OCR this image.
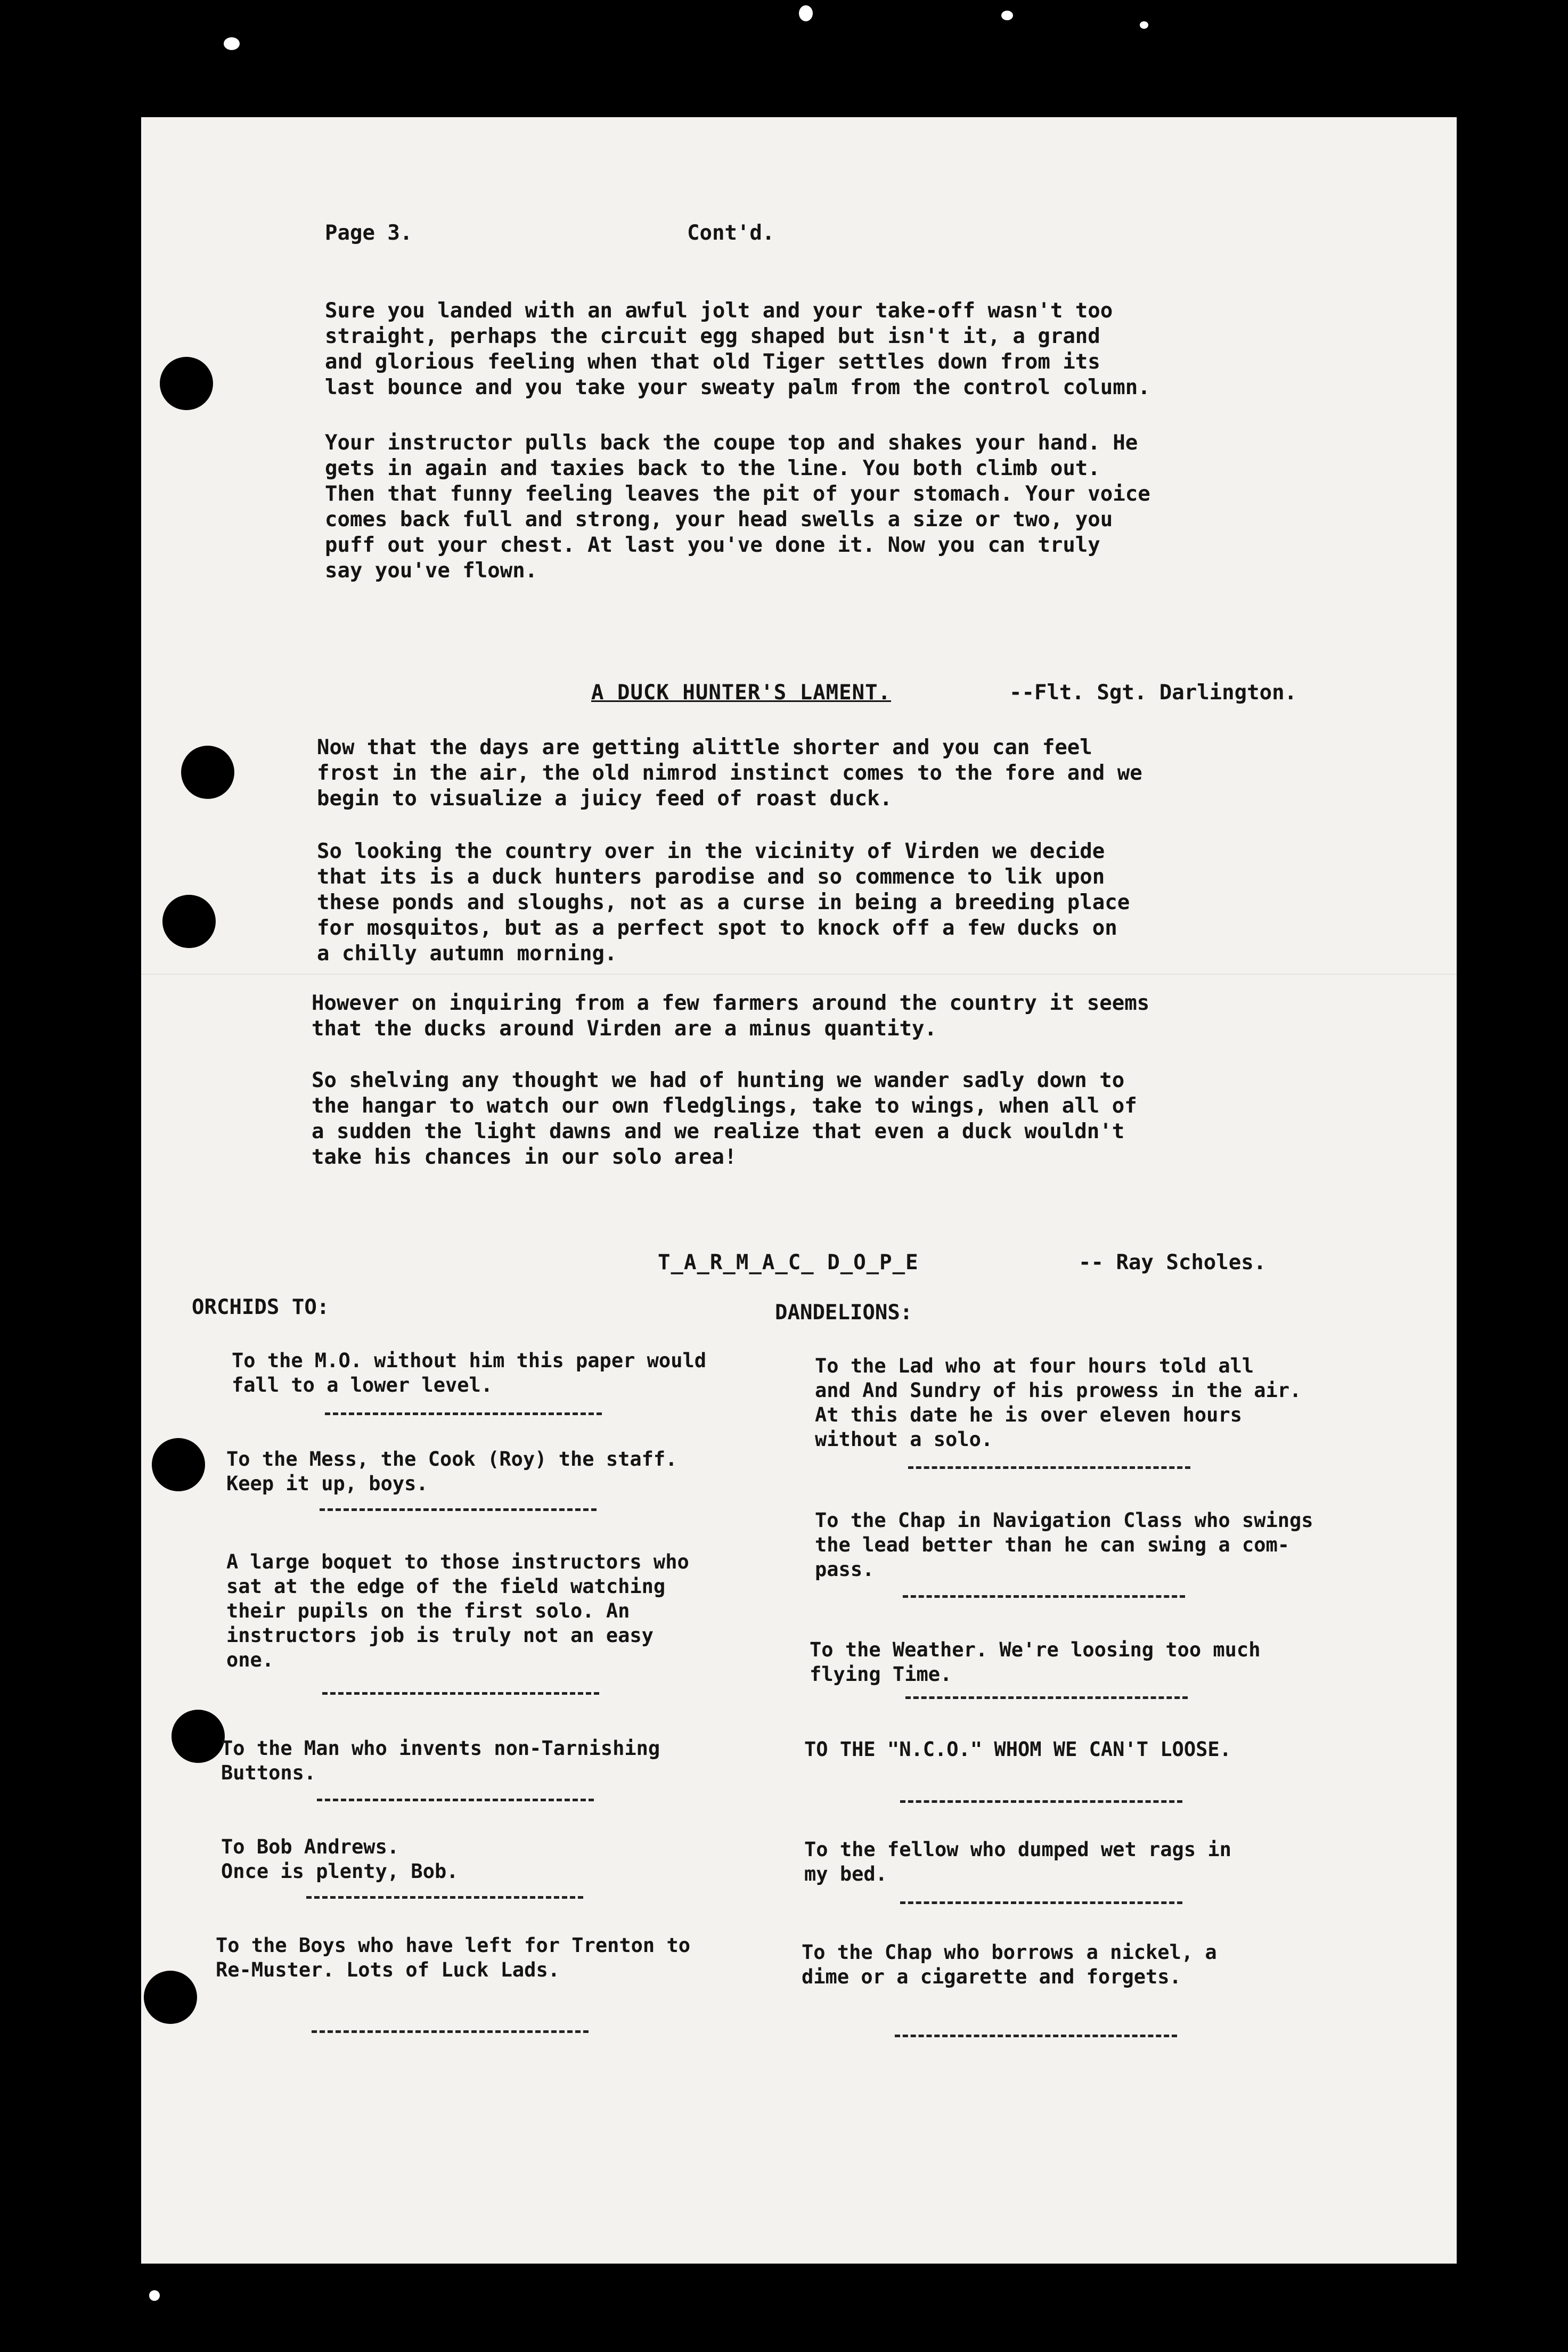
Page 3.	Cont'd.
Sure you landed with an awful jolt and your take-off wasn't too
straight, perhaps the circuit egg shaped but isn't it, a grand
and glorious feeling when that old Tiger settles down from its
last bounce and you take your sweaty palm from the control column.
Your instructor pulls back the coupe top and shakes your hand. He
gets in again and taxies back to the line. You both climb out.
Then that funny feeling leaves the pit of your stomach. Your voice
comes back full and strong, your head swells a size or two, you
puff out your chest. At last you've done it. Now you can truly
say you've flown.
A DUCK HUNTER'S LAMENT.	--Flt. Sgt. Darlington.
Now that the days are getting alittle shorter and you can feel
frost in the air, the old nimrod instinct comes to the fore and we
begin to visualize a juicy feed of roast duck.
So looking the country over in the vicinity of Virden we decide
that its is a duck hunters parodise and so commence to lik upon
these ponds and sloughs, not as a curse in being a breeding place
for mosquitos, but as a perfect spot to knock off a few ducks on
a chilly autumn morning.
However on inquiring from a few farmers around the country it seems
that the ducks around Virden are a minus quantity.
So shelving any thought we had of hunting we wander sadly down to
the hangar to watch our own fledglings, take to wings, when all of
a sudden the light dawns and we realize that even a duck wouldn't
take his chances in our solo area!
T_A_R_M_A_C_ D_O_P_E	-- Ray Scholes.
ORCHIDS TO:	DANDELIONS:
To the M.O. without him this paper would
fall to a lower level.
To the Mess, the Cook (Roy) the staff.
Keep it up, boys.
A large boquet to those instructors who
sat at the edge of the field watching
their pupils on the first solo. An
instructors job is truly not an easy
one.
To the Man who invents non-Tarnishing
Buttons.
To Bob Andrews.
Once is plenty, Bob.
To the Boys who have left for Trenton to
Re-Muster. Lots of Luck Lads.
To the Lad who at four hours told all
and And Sundry of his prowess in the air.
At this date he is over eleven hours
without a solo.
To the Chap in Navigation Class who swings
the lead better than he can swing a com-
pass.
To the Weather. We're loosing too much
flying Time.
TO THE "N.C.O." WHOM WE CAN'T LOOSE.
To the fellow who dumped wet rags in
my bed.
To the Chap who borrows a nickel, a
dime or a cigarette and forgets.
